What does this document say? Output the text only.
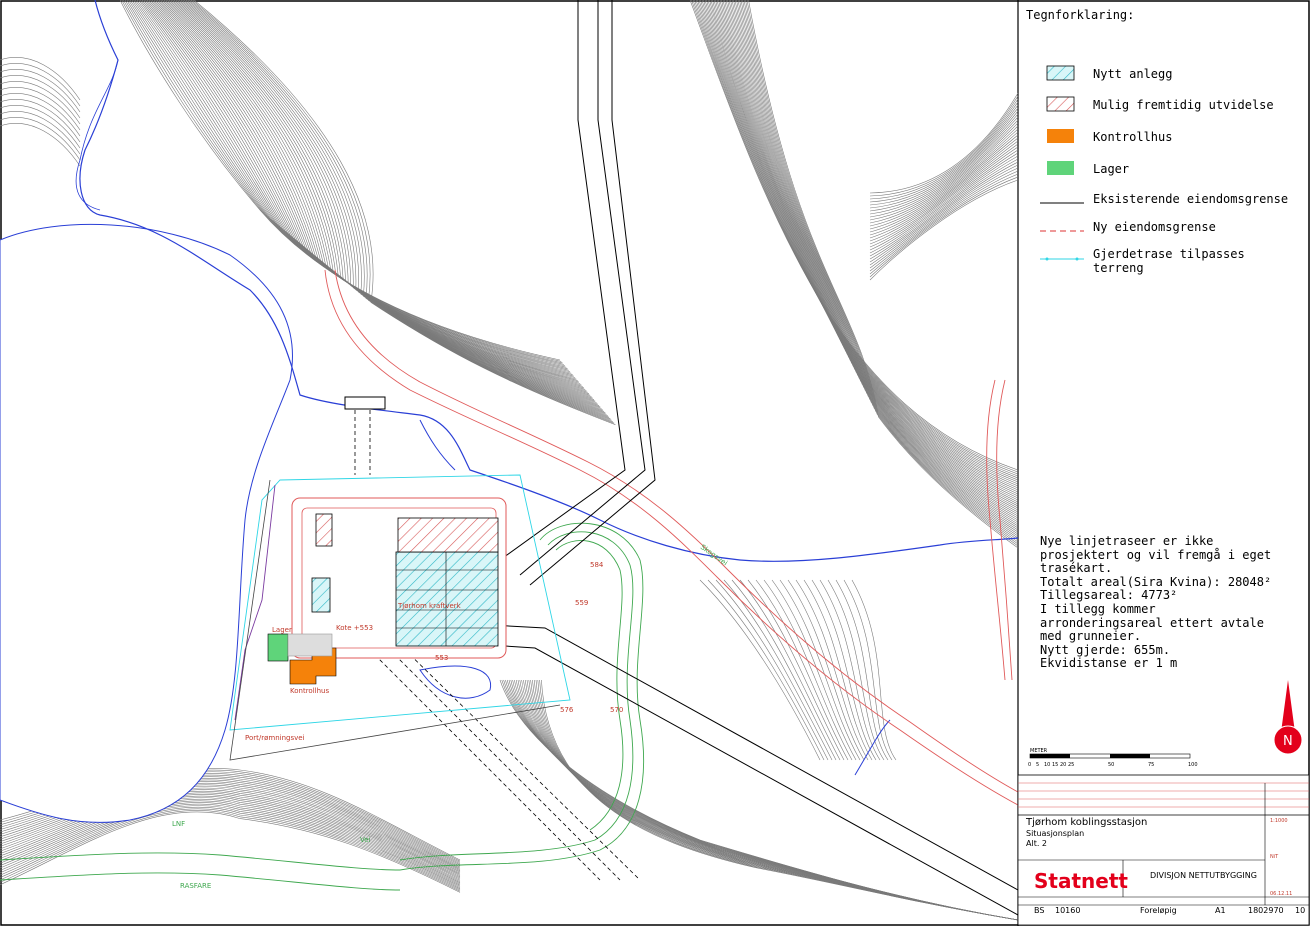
Kontrollhus
Lager	Kote +553
Tjørhom kraftverk
Port/rømningsvei
LNF
Vei
RASFARE
584
559
553
576	570
Skogsvei
Tegnforklaring:
Nytt anlegg
Mulig fremtidig utvidelse
Kontrollhus
Lager
Eksisterende eiendomsgrense
Ny eiendomsgrense
Gjerdetrase tilpasses
terreng
Nye linjetraseer er ikke
prosjektert og vil fremgå i eget
trasékart.
Totalt areal(Sira Kvina): 28048²
Tillegsareal: 4773²
I tillegg kommer
arronderingsareal ettert avtale
med grunneier.
Nytt gjerde: 655m.
Ekvidistanse er 1 m
N
METER
0 5 10 15 20 25	50	75	100
Tjørhom koblingsstasjon
Situasjonsplan
Alt. 2
Statnett	DIVISJON NETTUTBYGGING
1:1000
NiT
06.12.11
BS 10160	Foreløpig	A1	1802970 10
